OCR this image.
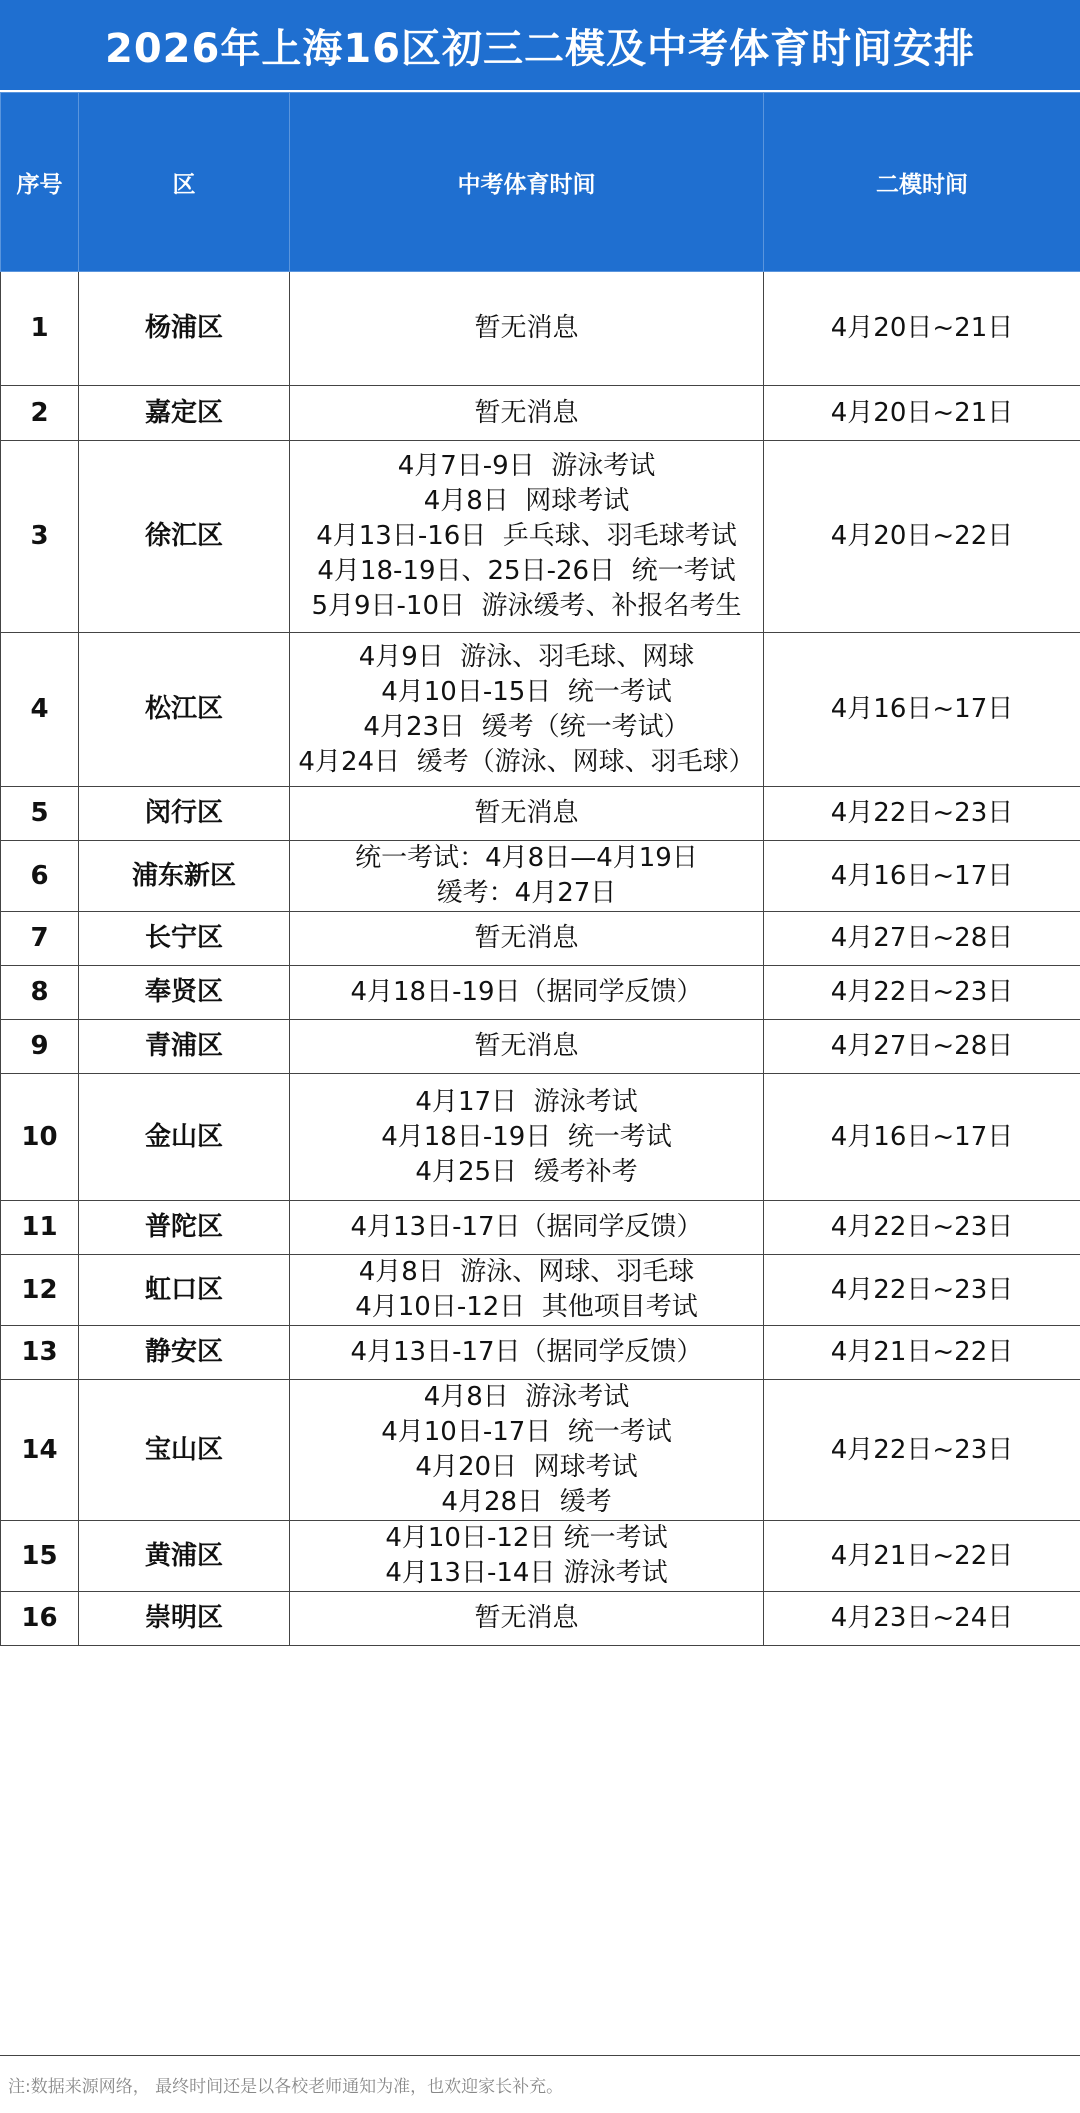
2026年上海16区初三二模及中考体育时间安排
序号	区	中考体育时间	二模时间
1	杨浦区	暂无消息	4月20日~21日
2	嘉定区	暂无消息	4月20日~21日
3	徐汇区	4月7日-9日  游泳考试
4月8日  网球考试
4月13日-16日  乒乓球、羽毛球考试
4月18-19日、25日-26日  统一考试
5月9日-10日  游泳缓考、补报名考生	4月20日~22日
4	松江区	4月9日  游泳、羽毛球、网球
4月10日-15日  统一考试
4月23日  缓考（统一考试）
4月24日  缓考（游泳、网球、羽毛球）	4月16日~17日
5	闵行区	暂无消息	4月22日~23日
6	浦东新区	统一考试：4月8日—4月19日
缓考：4月27日	4月16日~17日
7	长宁区	暂无消息	4月27日~28日
8	奉贤区	4月18日-19日（据同学反馈）	4月22日~23日
9	青浦区	暂无消息	4月27日~28日
10	金山区	4月17日  游泳考试
4月18日-19日  统一考试
4月25日  缓考补考	4月16日~17日
11	普陀区	4月13日-17日（据同学反馈）	4月22日~23日
12	虹口区	4月8日  游泳、网球、羽毛球
4月10日-12日  其他项目考试	4月22日~23日
13	静安区	4月13日-17日（据同学反馈）	4月21日~22日
14	宝山区	4月8日  游泳考试
4月10日-17日  统一考试
4月20日  网球考试
4月28日  缓考	4月22日~23日
15	黄浦区	4月10日-12日 统一考试
4月13日-14日 游泳考试	4月21日~22日
16	崇明区	暂无消息	4月23日~24日
注:数据来源网络， 最终时间还是以各校老师通知为准，也欢迎家长补充。
